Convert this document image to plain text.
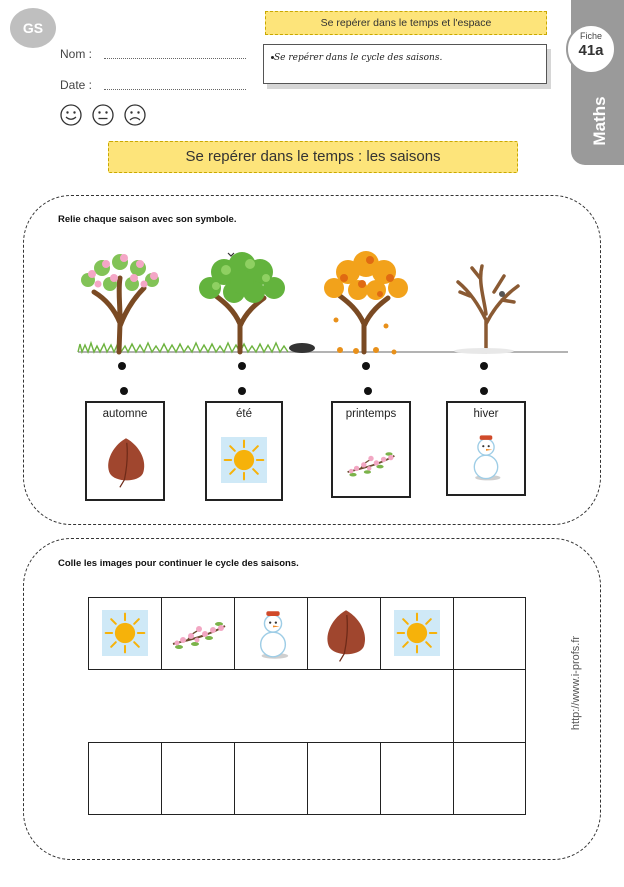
GS
Nom :
Date :
Se repérer dans le temps et l'espace
Se repérer dans le cycle des saisons.
Maths
Fiche
41a
Se repérer dans le temps : les saisons
Relie chaque saison avec son symbole.
automne	été	printemps	hiver
Colle les images pour continuer le cycle des saisons.
http://www.i-profs.fr
